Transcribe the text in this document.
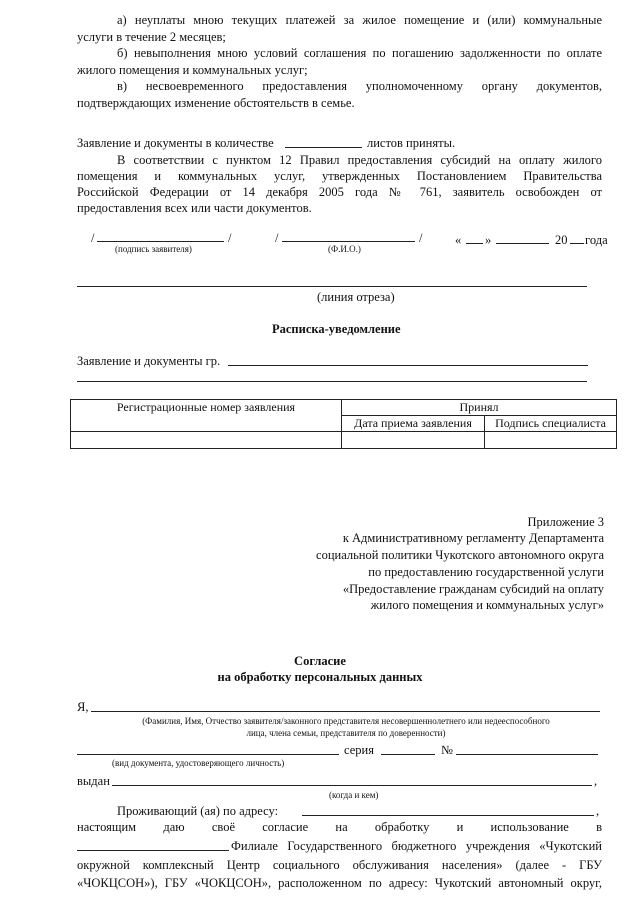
а) неуплаты мною текущих платежей за жилое помещение и (или) коммунальные
услуги в течение 2 месяцев;
б) невыполнения мною условий соглашения по погашению задолженности по оплате
жилого помещения и коммунальных услуг;
в) несвоевременного предоставления уполномоченному органу документов,
подтверждающих изменение обстоятельств в семье.
Заявление и документы в количестве	листов приняты.
В соответствии с пунктом 12 Правил предоставления субсидий на оплату жилого
помещения и коммунальных услуг, утвержденных Постановлением Правительства
Российской Федерации от 14 декабря 2005 года № 761, заявитель освобожден от
предоставления всех или части документов.
/	/	/	/	« »	20 года
(подпись заявителя)	(Ф.И.О.)
(линия отреза)
Расписка-уведомление
Заявление и документы гр.
Регистрационные номер заявления	Принял	
	Дата приема заявления	Подпись специалиста

Приложение 3
к Административному регламенту Департамента
социальной политики Чукотского автономного округа
по предоставлению государственной услуги
«Предоставление гражданам субсидий на оплату
жилого помещения и коммунальных услуг»
Согласие
на обработку персональных данных
Я,
(Фамилия, Имя, Отчество заявителя/законного представителя несовершеннолетнего или недееспособного
лица, члена семьи, представителя по доверенности)
серия	№
(вид документа, удостоверяющего личность)
выдан	,
(когда и кем)
Проживающий (ая) по адресу:	,
настоящим даю своё согласие на обработку и использование в
Филиале Государственного бюджетного учреждения «Чукотский
окружной комплексный Центр социального обслуживания населения» (далее - ГБУ
«ЧОКЦСОН»), ГБУ «ЧОКЦСОН», расположенном по адресу: Чукотский автономный округ,
